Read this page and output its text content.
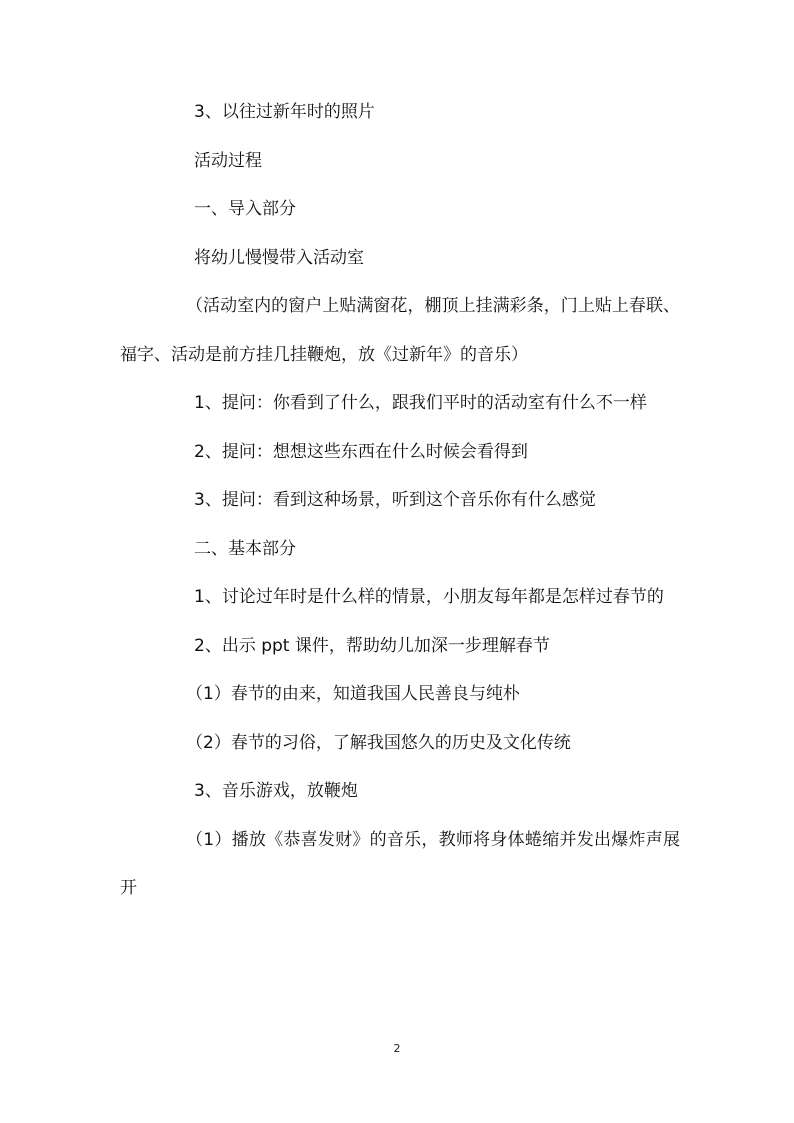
3、以往过新年时的照片

活动过程

一、导入部分

将幼儿慢慢带入活动室

（活动室内的窗户上贴满窗花，棚顶上挂满彩条，门上贴上春联、福字、活动是前方挂几挂鞭炮，放《过新年》的音乐）

1、提问：你看到了什么，跟我们平时的活动室有什么不一样

2、提问：想想这些东西在什么时候会看得到

3、提问：看到这种场景，听到这个音乐你有什么感觉

二、基本部分

1、讨论过年时是什么样的情景，小朋友每年都是怎样过春节的

2、出示 ppt 课件，帮助幼儿加深一步理解春节

（1）春节的由来，知道我国人民善良与纯朴

（2）春节的习俗，了解我国悠久的历史及文化传统

3、音乐游戏，放鞭炮

（1）播放《恭喜发财》的音乐，教师将身体蜷缩并发出爆炸声展开

2
